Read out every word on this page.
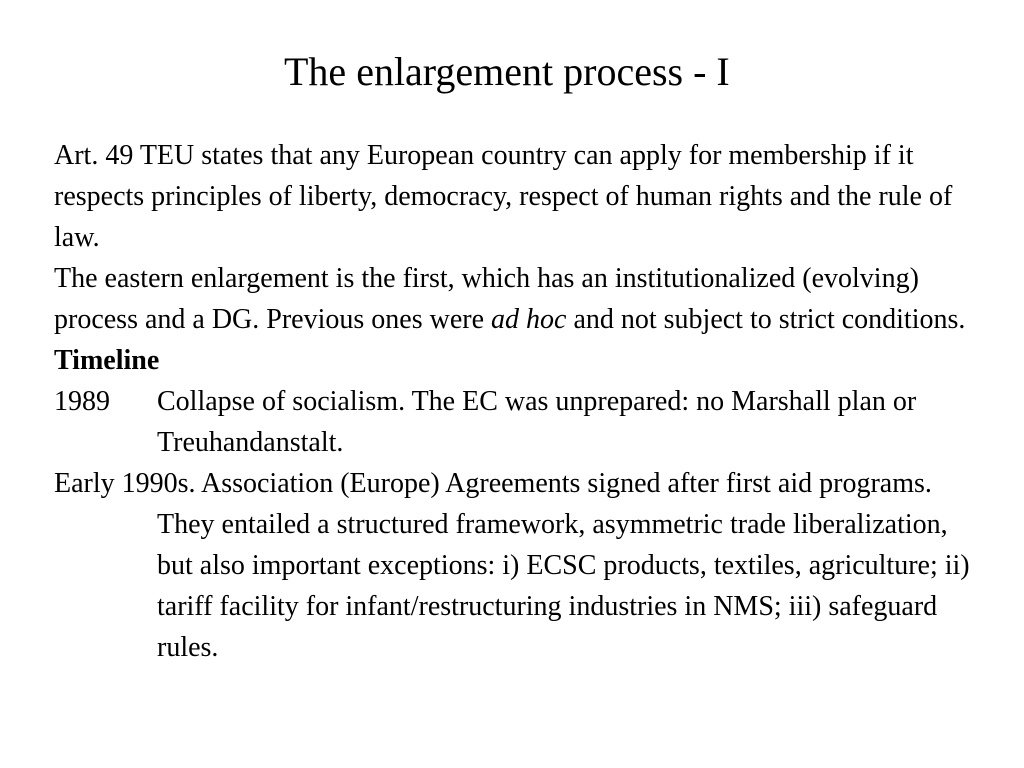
The enlargement process - I

Art. 49 TEU states that any European country can apply for membership if it respects principles of liberty, democracy, respect of human rights and the rule of law.

The eastern enlargement is the first, which has an institutionalized (evolving) process and a DG. Previous ones were ad hoc and not subject to strict conditions.

Timeline

1989 Collapse of socialism. The EC was unprepared: no Marshall plan or Treuhandanstalt.

Early 1990s. Association (Europe) Agreements signed after first aid programs. They entailed a structured framework, asymmetric trade liberalization, but also important exceptions: i) ECSC products, textiles, agriculture; ii) tariff facility for infant/restructuring industries in NMS; iii) safeguard rules.
